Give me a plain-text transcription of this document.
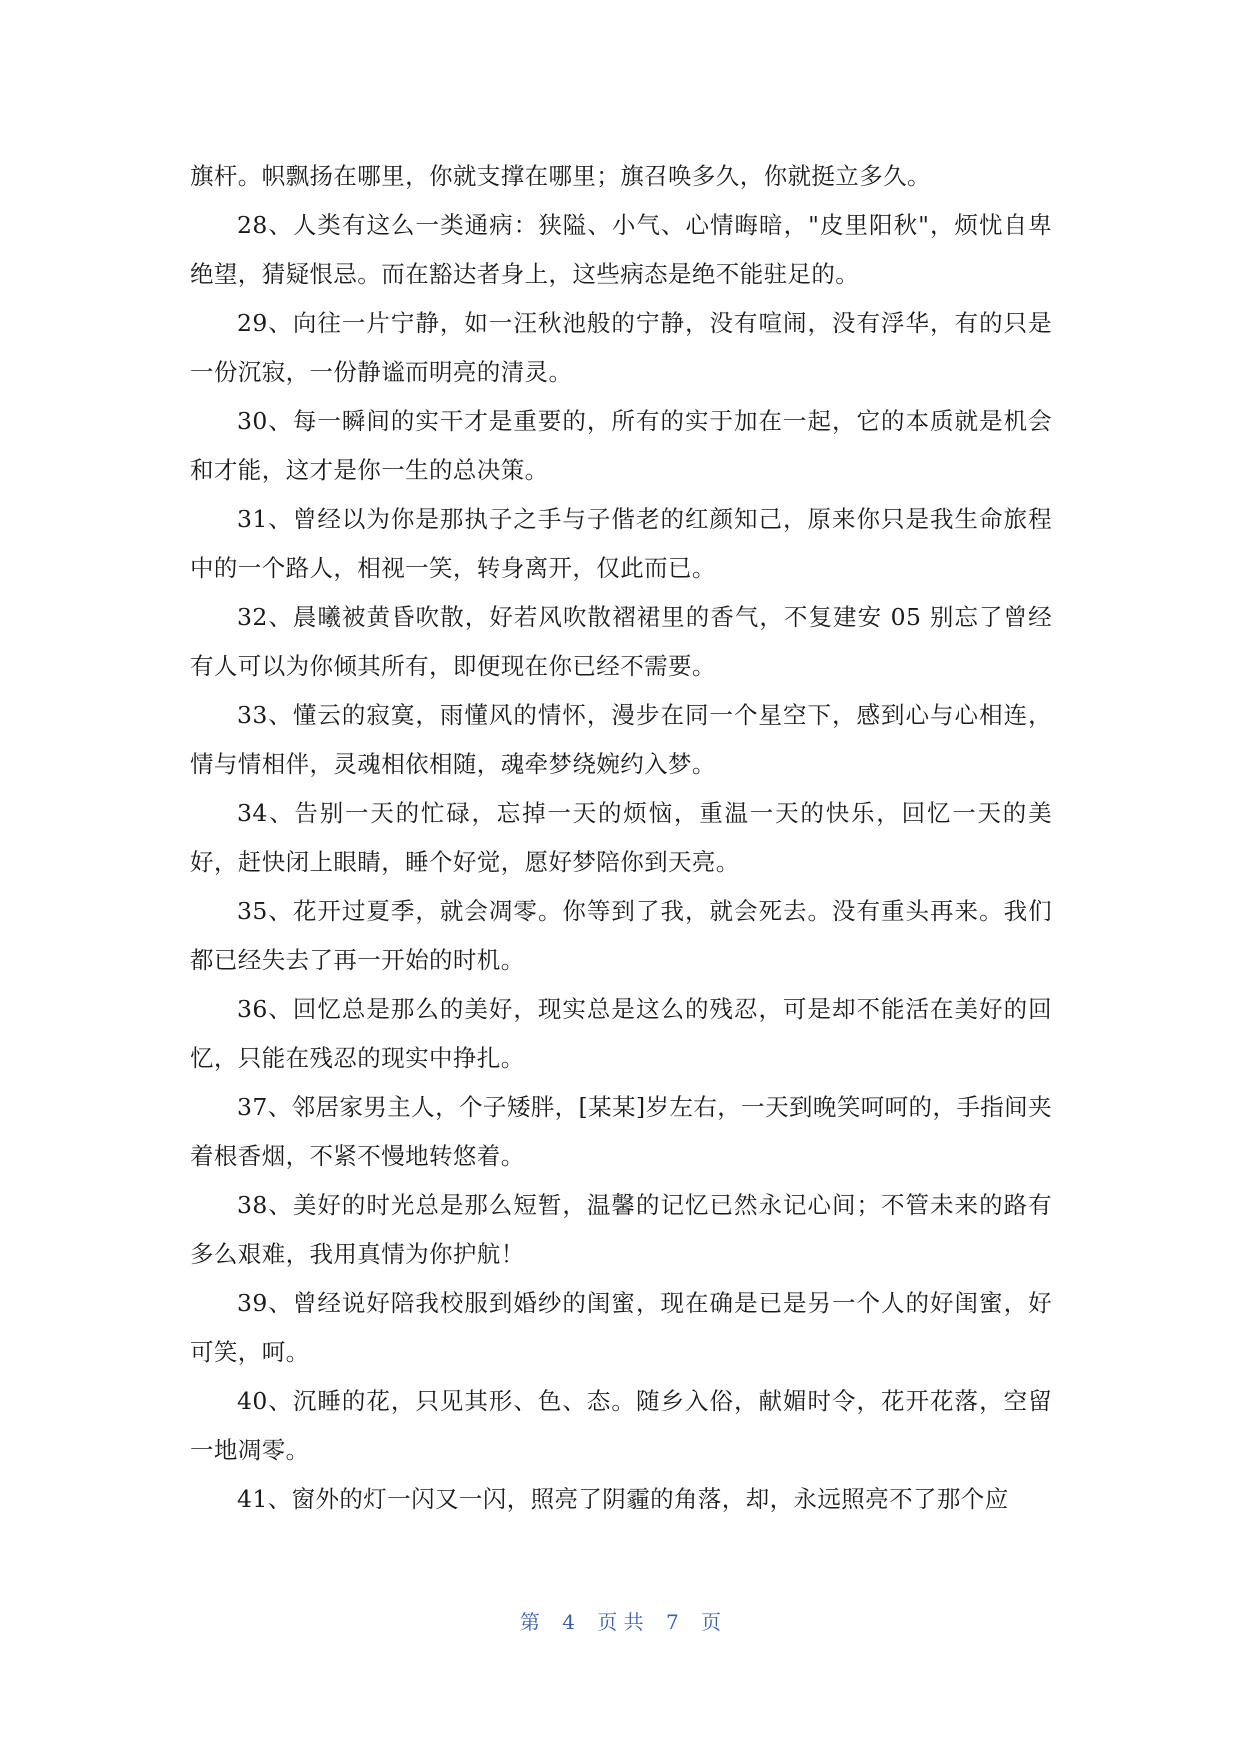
旗杆。帜飘扬在哪里，你就支撑在哪里；旗召唤多久，你就挺立多久。

28、人类有这么一类通病：狭隘、小气、心情晦暗，"皮里阳秋"，烦忧自卑绝望，猜疑恨忌。而在豁达者身上，这些病态是绝不能驻足的。

29、向往一片宁静，如一汪秋池般的宁静，没有喧闹，没有浮华，有的只是一份沉寂，一份静谧而明亮的清灵。

30、每一瞬间的实干才是重要的，所有的实于加在一起，它的本质就是机会和才能，这才是你一生的总决策。

31、曾经以为你是那执子之手与子偕老的红颜知己，原来你只是我生命旅程中的一个路人，相视一笑，转身离开，仅此而已。

32、晨曦被黄昏吹散，好若风吹散褶裙里的香气，不复建安 05 别忘了曾经有人可以为你倾其所有，即便现在你已经不需要。

33、懂云的寂寞，雨懂风的情怀，漫步在同一个星空下，感到心与心相连，情与情相伴，灵魂相依相随，魂牵梦绕婉约入梦。

34、告别一天的忙碌，忘掉一天的烦恼，重温一天的快乐，回忆一天的美好，赶快闭上眼睛，睡个好觉，愿好梦陪你到天亮。

35、花开过夏季，就会凋零。你等到了我，就会死去。没有重头再来。我们都已经失去了再一开始的时机。

36、回忆总是那么的美好，现实总是这么的残忍，可是却不能活在美好的回忆，只能在残忍的现实中挣扎。

37、邻居家男主人，个子矮胖，[某某]岁左右，一天到晚笑呵呵的，手指间夹着根香烟，不紧不慢地转悠着。

38、美好的时光总是那么短暂，温馨的记忆已然永记心间；不管未来的路有多么艰难，我用真情为你护航！

39、曾经说好陪我校服到婚纱的闺蜜，现在确是已是另一个人的好闺蜜，好可笑，呵。

40、沉睡的花，只见其形、色、态。随乡入俗，献媚时令，花开花落，空留一地凋零。

41、窗外的灯一闪又一闪，照亮了阴霾的角落，却，永远照亮不了那个应

第 4 页 共 7 页
